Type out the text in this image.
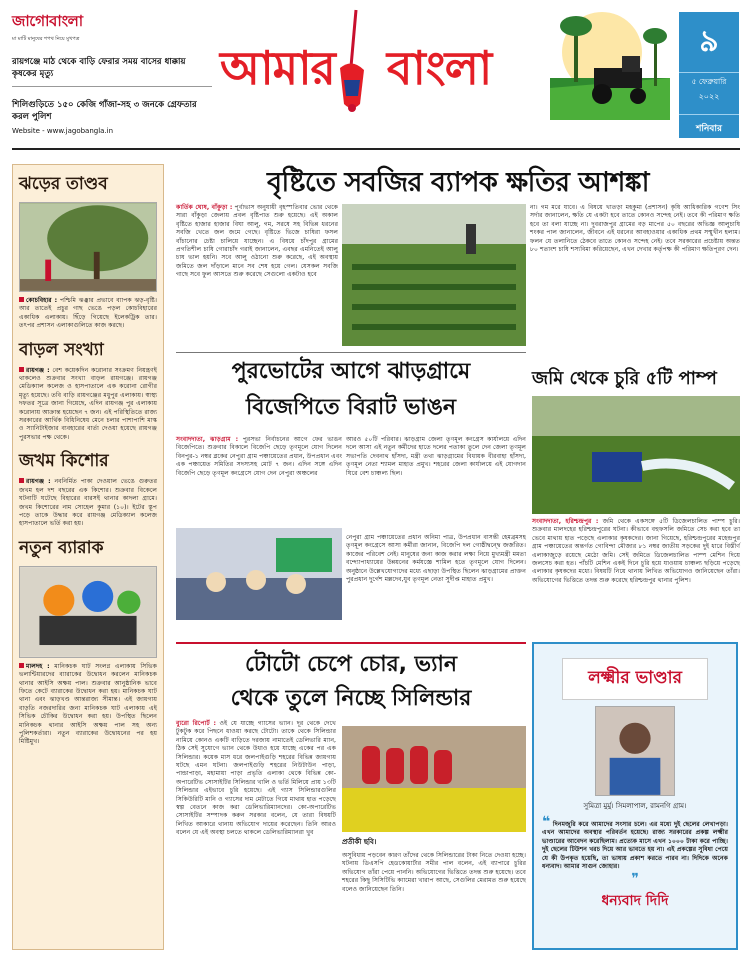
জাগোবাংলা
মা মাটি মানুষের শপথ নিয়ে মুখপত্র
রায়গঞ্জে মাঠ থেকে বাড়ি ফেরার সময় বাসের ধাক্কায় কৃষকের মৃত্যু
শিলিগুড়িতে ১৫০ কেজি গাঁজা-সহ ৩ জনকে গ্রেফতার করল পুলিশ
Website - www.jagobangla.in
আমার বাংলা	৯
৫ ফেব্রুয়ারি
২০২২
শনিবার
ঝড়ের তাণ্ডব

কোচবিহার : পশ্চিমি ঝঞ্ঝার প্রভাবে ব্যাপক ঝড়-বৃষ্টি। আর তাতেই প্রচুর গাছ ভেঙে পড়ল কোচবিহারের একাধিক এলাকায়। ছিঁড়ে গিয়েছে ইলেকট্রিক তার। তৎপর প্রশাসন এলাকাগুলিতে কাজ করছে।

বাড়ল সংখ্যা

রায়গঞ্জ : বেশ কয়েকদিন করোনার সংক্রমণ নিয়ন্ত্রণই থাকলেও শুক্রবার সংখ্যা বাড়ল রায়গঞ্জে। রায়গঞ্জ মেডিক্যাল কলেজ ও হাসপাতালে এক করোনা রোগীর মৃত্যু হয়েছে। তবি বাড়ি রায়গঞ্জের মধুপুর এলাকায়। স্বাস্থ্য দফতর সূত্রে জানা গিয়েছে, এদিন রায়গঞ্জ পুর এলাকায় করোনায় আক্রান্ত হয়েছেন ৭ জন। এই পরিস্থিতিতে রাজ্য সরকারের আর্থিক বিধিনিষেধ মেনে চলার পাশাপাশি মাস্ক ও স্যানিটাইজার ব্যবহারের বার্তা দেওয়া হয়েছে রায়গঞ্জ পুরসভার পক্ষ থেকে।

জখম কিশোর

রায়গঞ্জ : নবনির্মিত পাকা দেওয়াল ভেঙে গুরুতর জখম হল দশ বছরের এক কিশোর। শুক্রবার বিকেলে ঘটনাটি ঘটেছে বিহারের বারসই থানার কাদলা গ্রামে। জখম কিশোরের নাম সোহেল কুমার (১০)। ইটের স্তূপ পড়ে তাকে উদ্ধার করে রায়গঞ্জ মেডিক্যাল কলেজ হাসপাতালে ভর্তি করা হয়।

নতুন ব্যারাক

মালদহ : মানিকচক ঘাট সংলগ্ন এলাকায় সিভিক ভলান্টিয়ারদের ব্যারাকের উদ্বোধন করলেন মানিকচক থানার আইসি অক্ষয় পাল। শুক্রবার আনুষ্ঠানিক ভাবে ফিতে কেটে ব্যারাকের উদ্বোধন করা হয়। মানিকচক ঘাট থানা এবং ঝাড়খণ্ড আন্তরাজ্য সীমান্ত। এই জায়গায় বাড়তি নজরদারির জন্য মানিকচক ঘাট এলাকায় এই সিভিক চৌকির উদ্বোধন করা হয়। উপস্থিত ছিলেন মানিকচক থানার আইসি অক্ষয় পাল সহ অন্য পুলিশকর্তারা। নতুন ব্যারাকের উদ্বোধনের পর হয় মিষ্টিমুখ।

বৃষ্টিতে সবজির ব্যাপক ক্ষতির আশঙ্কা

কার্তিক ঘোষ, বাঁকুড়া : পূর্বাভাস অনুযায়ী বৃহস্পতিবার ভোর থেকে সারা বাঁকুড়া জেলায় প্রবল বৃষ্টিপাত শুরু হয়েছে। এই অকাল বৃষ্টিতে হাজার হাজার বিঘা আলু, গম, সরষে সহ বিভিন্ন ধরনের সবজি খেতে জল জমে গেছে। বৃষ্টিতে ভিজে চাষিরা ফসল বাঁচানোর চেষ্টা চালিয়ে যাচ্ছেন। এ বিষয়ে চাঁদপুর গ্রামের প্রগতিশীল চাষি গোরাচাঁদ গরাই জানালেন, এবছর এমনিতেই আলু চাষ ভাল হয়নি। সবে আলু ওঠানো শুরু করেছে, এই অবস্থায় জমিতে জল দাঁড়ালে মানে সব শেষ হয়ে গেল। যেসকল সবজি গাছে সবে ফুল আসতে শুরু করেছে সেগুলো একটাও হবে

না। গম মরে যাবে। এ বিষয়ে খাতড়া মহকুমা (প্রশাসন) কৃষি আধিকারিক গণেশ সিং সর্দার জানালেন, ক্ষতি যে একটা হবে তাতে কোনও সন্দেহ নেই। তবে কী পরিমাণ ক্ষতি হবে তা বলা যাচ্ছে না। দুবরাজপুর গ্রামের বড় মাপের ৫০ বছরের অভিজ্ঞ আলুচাষি শংকর পাল জানালেন, জীবনে এই ধরনের আবহাওয়ার একাধিক প্রথম সম্মুখীন হলাম। ফলন যে তলানিতে ঠেকবে তাতে কোনও সন্দেহ নেই। তবে সরকারের প্রচেষ্টায় অন্তত ৮০ শতাংশ চাষি শস্যবিমা করিয়েছেন, এখন দেখার কর্তৃপক্ষ কী পরিমাণ ক্ষতিপূরণ দেন।

পুরভোটের আগে ঝাড়গ্রামে
বিজেপিতে বিরাট ভাঙন

সংবাদদাতা, ঝাড়গ্রাম : পুরসভা নির্বাচনের আগে ফের ভাঙন বিজেপিতে। শুক্রবার বিকালে বিজেপি ছেড়ে তৃণমূলে যোগ দিলেন বিনপুর-১ নম্বর ব্লকের নেপুরা গ্রাম পঞ্চায়েতের প্রধান, উপপ্রধান এবং এক পঞ্চায়েত সমিতির সদস্যসহ মোট ৭ জন। এদিন সঙ্গে এদিন বিজেপি ছেড়ে তৃণমূল কংগ্রেসে যোগ দেন নেপুরা অঞ্চলের

আরও ৫০টি পরিবার। ঝাড়গ্রাম জেলা তৃণমূল কংগ্রেস কার্যালয়ে এদিন দলে আসা এই নতুন কর্মীদের হাতে দলের পতাকা তুলে দেন জেলা তৃণমূল সভাপতি দেবনাথ হাঁসদা, মন্ত্রী তথা ঝাড়গ্রামের বিধায়ক বীরবাহা হাঁসদা, তৃণমূল নেতা শ্যামল মাহাত প্রমুখ। শহরের জেলা কার্যালয়ে এই যোগদান ঘিরে বেশ চাঞ্চল্য ছিল।

নেপুরা গ্রাম পঞ্চায়েতের প্রধান অনিমা পাত্র, উপপ্রধান বাসন্তী হেমব্রমসহ তৃণমূল কংগ্রেসে আসা কর্মীরা জানান, বিজেপি দল গোষ্ঠীদ্বন্দ্বে জর্জরিত। কাজের পরিবেশ নেই। মানুষের জন্য কাজ করার লক্ষ্য নিয়ে মুখ্যমন্ত্রী মমতা বন্দ্যোপাধ্যায়ের উন্নয়নের কর্মযজ্ঞে শামিল হতে তৃণমূলে যোগ দিলেন। অনুষ্ঠানে উল্লেখযোগ্যদের মধ্যে এছাড়া উপস্থিত ছিলেন ঝাড়গ্রামের প্রাক্তন পুরপ্রধান দুর্গেশ মল্লদেব,যুব তৃণমূল নেতা সুদীপ্ত মাহাত প্রমুখ।

জমি থেকে চুরি ৫টি পাম্প

সংবাদদাতা, হরিশ্চন্দ্রপুর : জমি থেকে একসঙ্গে ৫টি ডিজেলচালিত পাম্প চুরি। শুক্রবার মালদহের হরিশ্চন্দ্রপুরের ঘটনা। কীভাবে বহুফসলি জমিতে সেচ করা হবে তা ভেবে মাথায় হাত পড়েছে এলাকার কৃষকদের। জানা গিয়েছে, হরিশ্চন্দ্রপুরের মহেন্দ্রপুর গ্রাম পঞ্চায়েতের অন্তর্গত গোবিন্দা মৌজার ৮১ নম্বর জাতীয় সড়কের দুই ধারে বিস্তীর্ণ এলাকাজুড়ে রয়েছে মেঠো জমি। সেই জমিতে ডিজেলচালিত পাম্প মেশিন দিয়ে জলসেচ করা হত। পাঁচটি মেশিন একই দিনে চুরি হয়ে যাওয়ায় চাঞ্চল্য ছড়িয়ে পড়েছে এলাকার কৃষকদের মধ্যে। বিষয়টি নিয়ে থানায় লিখিত অভিযোগও জানিয়েছেন তাঁরা। অভিযোগের ভিত্তিতে তদন্ত শুরু করেছে হরিশ্চন্দ্রপুর থানার পুলিশ।

টোটো চেপে চোর, ভ্যান
থেকে তুলে নিচ্ছে সিলিন্ডার

ব্যুরো রিপোর্ট : ওই যে যাচ্ছে গ্যাসের ভ্যান। দূর থেকে দেখে টুকটুক করে পিছনে ধাওয়া করছে টোটো। তাকে থেকে সিলিন্ডার নামিয়ে কোনও একটি বাড়িতে দরজায় নামাতেই ডেলিভারি ম্যান, ঠিক সেই সুযোগে ভ্যান থেকে উধাও হয়ে যাচ্ছে একের পর এক সিলিন্ডার। কয়েক মাস ধরে জলপাইগুড়ি শহরের বিভিন্ন জায়গায় ঘটছে এমন ঘটনা। জলপাইগুড়ি শহরের নিউটাউন পাড়া, পান্ডাপাড়া, মহামায়া পাড়া প্রভৃতি এলাকা থেকে বিভিন্ন কো-অপারেটিভ সোসাইটির সিলিন্ডার খালি ও ভর্তি মিলিয়ে প্রায় ১৩টি সিলিন্ডার এইভাবে চুরি হয়েছে। এই গ্যাস সিলিন্ডারগুলির সিকিউরিটি মানি ও গ্যাসের দাম মেটাতে গিয়ে মাথায় হাত পড়েছে স্বল্প বেতনে কাজ করা ডেলিভারিম্যানদের। কো-অপারেটিভ সোসাইটির সম্পাদক করুন সরকার বলেন, যে তারা বিষয়টি লিখিত আকারে থানায় অভিযোগ দায়ের করেছেন। তিনি আরও বলেন যে এই অবস্থা চলতে থাকলে ডেলিভারিম্যানরা খুব

প্রতীকী ছবি।

অসুবিধায় পড়বেন কারণ তাঁদের থেকে সিলিন্ডারের টাকা নিতে দেওয়া হচ্ছে। ঘটনায় ডিএসপি হেডকোয়ার্টার সমীর পাল বলেন, এই ব্যাপারে চুরির অভিযোগ তাঁরা পেয়ে পাননি। অভিযোগের ভিত্তিতে তদন্ত শুরু হয়েছে। তবে শহরের কিছু সিসিটিভি ক্যামেরা খারাপ আছে, সেগুলির মেরামত শুরু হয়েছে বলেও জানিয়েছেন তিনি।

লক্ষ্মীর ভাণ্ডার
সুমিত্রা মুর্মু। সিমলাপাল, রামনগি গ্রাম।

❝ দিনমজুরি করে আমাদের সংসার চলে। এর মধ্যে দুই ছেলের লেখাপড়া। এখন আমাদের অবস্থার পরিবর্তন হয়েছে। রাজ্য সরকারের প্রকল্প লক্ষ্মীর ভাণ্ডারের আবেদন করেছিলাম। প্রত্যেক মাসে এখন ১০০০ টাকা করে পাচ্ছি। দুই ছেলের টিউশন খরচ দিয়ে আর ভাবতে হয় না। এই প্রকল্পের সুবিধা পেয়ে যে কী উপকৃত হয়েছি, তা ভাষায় প্রকাশ করতে পারব না। দিদিকে অনেক ধন্যবাদ। আমার সাগুন জোহার।

❞
ধন্যবাদ দিদি
